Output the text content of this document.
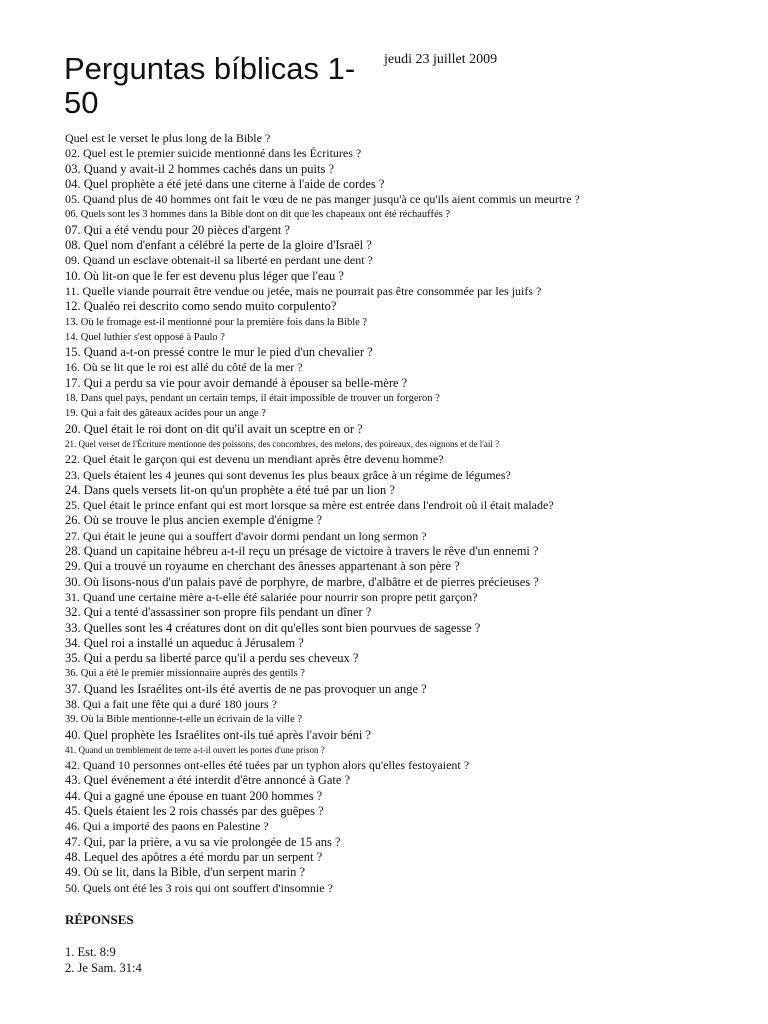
Perguntas bíblicas 1-50
jeudi 23 juillet 2009
Quel est le verset le plus long de la Bible ?
02. Quel est le premier suicide mentionné dans les Écritures ?
03. Quand y avait-il 2 hommes cachés dans un puits ?
04. Quel prophète a été jeté dans une citerne à l'aide de cordes ?
05. Quand plus de 40 hommes ont fait le vœu de ne pas manger jusqu'à ce qu'ils aient commis un meurtre ?
06. Quels sont les 3 hommes dans la Bible dont on dit que les chapeaux ont été réchauffés ?
07. Qui a été vendu pour 20 pièces d'argent ?
08. Quel nom d'enfant a célébré la perte de la gloire d'Israël ?
09. Quand un esclave obtenait-il sa liberté en perdant une dent ?
10. Où lit-on que le fer est devenu plus léger que l'eau ?
11. Quelle viande pourrait être vendue ou jetée, mais ne pourrait pas être consommée par les juifs ?
12. Qualéo rei descrito como sendo muito corpulento?
13. Où le fromage est-il mentionné pour la première fois dans la Bible ?
14. Quel luthier s'est opposé à Paulo ?
15. Quand a-t-on pressé contre le mur le pied d'un chevalier ?
16. Où se lit que le roi est allé du côté de la mer ?
17. Qui a perdu sa vie pour avoir demandé à épouser sa belle-mère ?
18. Dans quel pays, pendant un certain temps, il était impossible de trouver un forgeron ?
19. Qui a fait des gâteaux acides pour un ange ?
20. Quel était le roi dont on dit qu'il avait un sceptre en or ?
21. Quel verset de l'Écriture mentionne des poissons, des concombres, des melons, des poireaux, des oignons et de l'ail ?
22. Quel était le garçon qui est devenu un mendiant après être devenu homme?
23. Quels étaient les 4 jeunes qui sont devenus les plus beaux grâce à un régime de légumes?
24. Dans quels versets lit-on qu'un prophète a été tué par un lion ?
25. Quel était le prince enfant qui est mort lorsque sa mère est entrée dans l'endroit où il était malade?
26. Où se trouve le plus ancien exemple d'énigme ?
27. Qui était le jeune qui a souffert d'avoir dormi pendant un long sermon ?
28. Quand un capitaine hébreu a-t-il reçu un présage de victoire à travers le rêve d'un ennemi ?
29. Qui a trouvé un royaume en cherchant des ânesses appartenant à son père ?
30. Où lisons-nous d'un palais pavé de porphyre, de marbre, d'albâtre et de pierres précieuses ?
31. Quand une certaine mère a-t-elle été salariée pour nourrir son propre petit garçon?
32. Qui a tenté d'assassiner son propre fils pendant un dîner ?
33. Quelles sont les 4 créatures dont on dit qu'elles sont bien pourvues de sagesse ?
34. Quel roi a installé un aqueduc à Jérusalem ?
35. Qui a perdu sa liberté parce qu'il a perdu ses cheveux ?
36. Qui a été le premier missionnaire auprès des gentils ?
37. Quand les Israélites ont-ils été avertis de ne pas provoquer un ange ?
38. Qui a fait une fête qui a duré 180 jours ?
39. Où la Bible mentionne-t-elle un écrivain de la ville ?
40. Quel prophète les Israélites ont-ils tué après l'avoir béni ?
41. Quand un tremblement de terre a-t-il ouvert les portes d'une prison ?
42. Quand 10 personnes ont-elles été tuées par un typhon alors qu'elles festoyaient ?
43. Quel événement a été interdit d'être annoncé à Gate ?
44. Qui a gagné une épouse en tuant 200 hommes ?
45. Quels étaient les 2 rois chassés par des guêpes ?
46. Qui a importé des paons en Palestine ?
47. Qui, par la prière, a vu sa vie prolongée de 15 ans ?
48. Lequel des apôtres a été mordu par un serpent ?
49. Où se lit, dans la Bible, d'un serpent marin ?
50. Quels ont été les 3 rois qui ont souffert d'insomnie ?
RÉPONSES
1. Est. 8:9
2. Je Sam. 31:4
